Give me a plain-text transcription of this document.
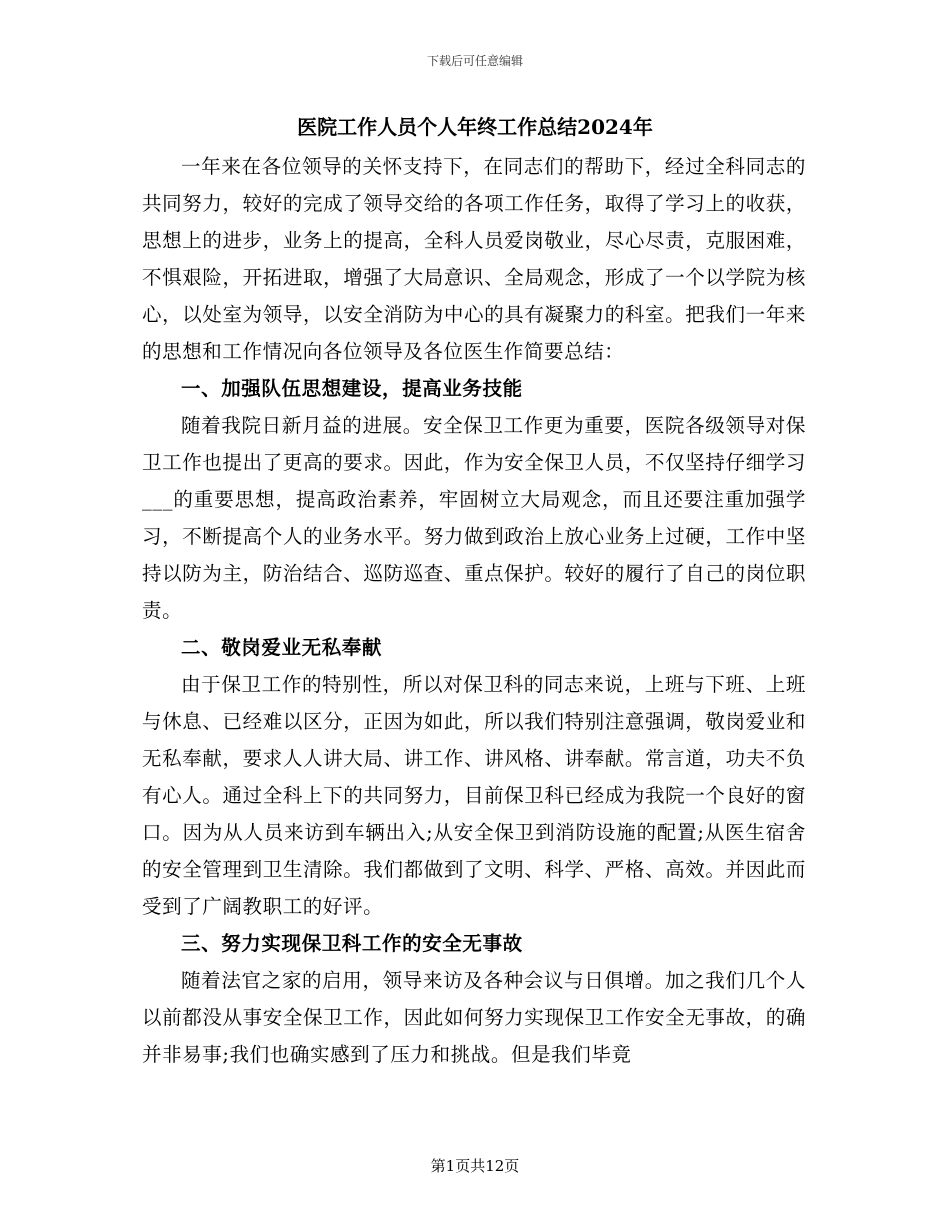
下载后可任意编辑
医院工作人员个人年终工作总结2024年

一年来在各位领导的关怀支持下，在同志们的帮助下，经过全科同志的共同努力，较好的完成了领导交给的各项工作任务，取得了学习上的收获，思想上的进步，业务上的提高，全科人员爱岗敬业，尽心尽责，克服困难，不惧艰险，开拓进取，增强了大局意识、全局观念，形成了一个以学院为核心，以处室为领导，以安全消防为中心的具有凝聚力的科室。把我们一年来的思想和工作情况向各位领导及各位医生作简要总结：

一、加强队伍思想建设，提高业务技能

随着我院日新月益的进展。安全保卫工作更为重要，医院各级领导对保卫工作也提出了更高的要求。因此，作为安全保卫人员，不仅坚持仔细学习___的重要思想，提高政治素养，牢固树立大局观念，而且还要注重加强学习，不断提高个人的业务水平。努力做到政治上放心业务上过硬，工作中坚持以防为主，防治结合、巡防巡查、重点保护。较好的履行了自己的岗位职责。

二、敬岗爱业无私奉献

由于保卫工作的特别性，所以对保卫科的同志来说，上班与下班、上班与休息、已经难以区分，正因为如此，所以我们特别注意强调，敬岗爱业和无私奉献，要求人人讲大局、讲工作、讲风格、讲奉献。常言道，功夫不负有心人。通过全科上下的共同努力，目前保卫科已经成为我院一个良好的窗口。因为从人员来访到车辆出入;从安全保卫到消防设施的配置;从医生宿舍的安全管理到卫生清除。我们都做到了文明、科学、严格、高效。并因此而受到了广阔教职工的好评。

三、努力实现保卫科工作的安全无事故

随着法官之家的启用，领导来访及各种会议与日俱增。加之我们几个人以前都没从事安全保卫工作，因此如何努力实现保卫工作安全无事故，的确并非易事;我们也确实感到了压力和挑战。但是我们毕竟

第1页共12页
